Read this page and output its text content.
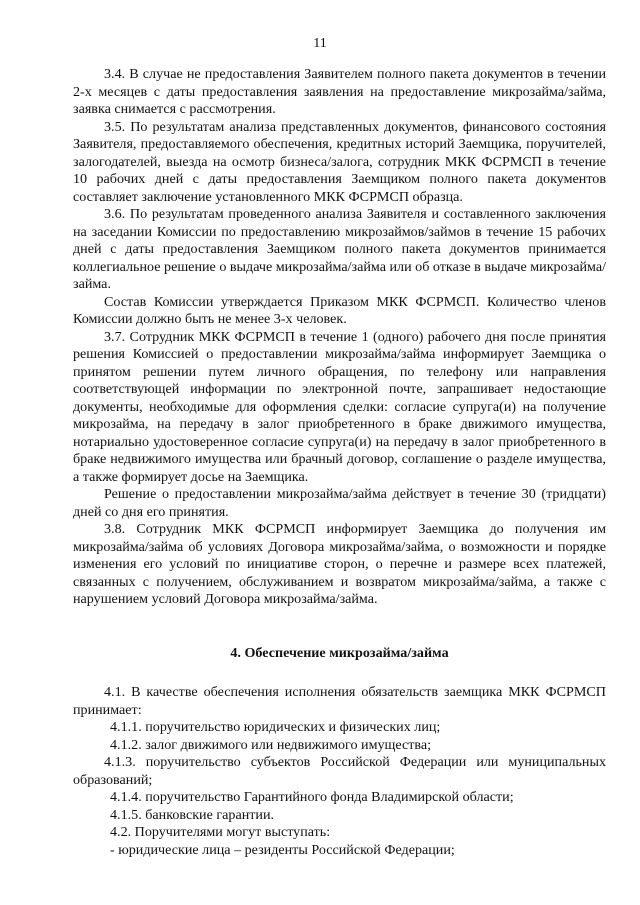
11

3.4. В случае не предоставления Заявителем полного пакета документов в течении 2-х месяцев с даты предоставления заявления на предоставление микрозайма/займа, заявка снимается с рассмотрения.

3.5. По результатам анализа представленных документов, финансового состояния Заявителя, предоставляемого обеспечения, кредитных историй Заемщика, поручителей, залогодателей, выезда на осмотр бизнеса/залога, сотрудник МКК ФСРМСП в течение 10 рабочих дней с даты предоставления Заемщиком полного пакета документов составляет заключение установленного МКК ФСРМСП образца.

3.6. По результатам проведенного анализа Заявителя и составленного заключения на заседании Комиссии по предоставлению микрозаймов/займов в течение 15 рабочих дней с даты предоставления Заемщиком полного пакета документов принимается коллегиальное решение о выдаче микрозайма/займа или об отказе в выдаче микрозайма/займа.

Состав Комиссии утверждается Приказом МКК ФСРМСП. Количество членов Комиссии должно быть не менее 3-х человек.

3.7. Сотрудник МКК ФСРМСП в течение 1 (одного) рабочего дня после принятия решения Комиссией о предоставлении микрозайма/займа информирует Заемщика о принятом решении путем личного обращения, по телефону или направления соответствующей информации по электронной почте, запрашивает недостающие документы, необходимые для оформления сделки: согласие супруга(и) на получение микрозайма, на передачу в залог приобретенного в браке движимого имущества, нотариально удостоверенное согласие супруга(и) на передачу в залог приобретенного в браке недвижимого имущества или брачный договор, соглашение о разделе имущества, а также формирует досье на Заемщика.

Решение о предоставлении микрозайма/займа действует в течение 30 (тридцати) дней со дня его принятия.

3.8. Сотрудник МКК ФСРМСП информирует Заемщика до получения им микрозайма/займа об условиях Договора микрозайма/займа, о возможности и порядке изменения его условий по инициативе сторон, о перечне и размере всех платежей, связанных с получением, обслуживанием и возвратом микрозайма/займа, а также с нарушением условий Договора микрозайма/займа.

4. Обеспечение микрозайма/займа

4.1. В качестве обеспечения исполнения обязательств заемщика МКК ФСРМСП принимает:

4.1.1. поручительство юридических и физических лиц;

4.1.2. залог движимого или недвижимого имущества;

4.1.3. поручительство субъектов Российской Федерации или муниципальных образований;

4.1.4. поручительство Гарантийного фонда Владимирской области;

4.1.5. банковские гарантии.

4.2. Поручителями могут выступать:

- юридические лица – резиденты Российской Федерации;
